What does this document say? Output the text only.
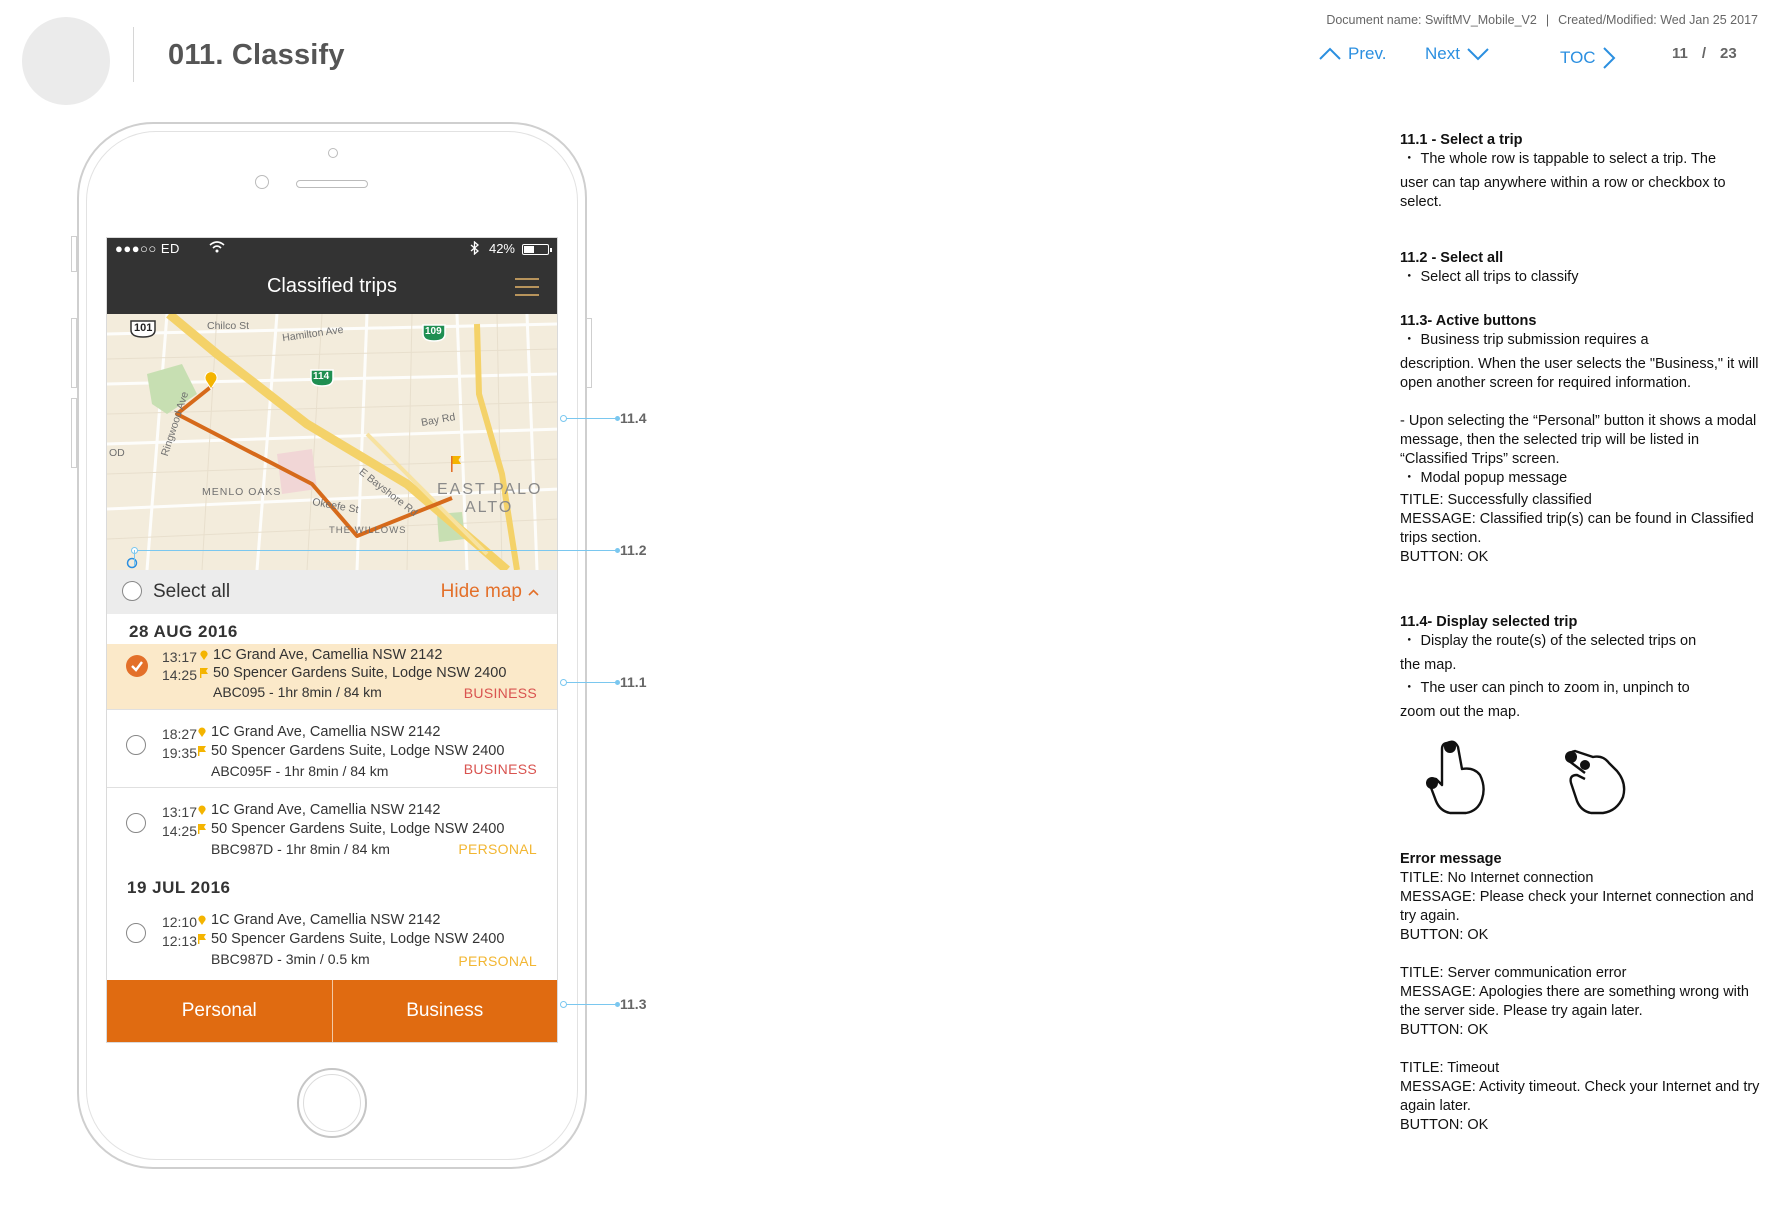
011. Classify
Document name: SwiftMV_Mobile_V2 | Created/Modified: Wed Jan 25 2017
Prev. Next	TOC	11 / 23
●●●○○ ED	42%
Classified trips
101
114
109
Chilco St	Hamilton Ave
Bay Rd
Ringwood Ave
MENLO OAKS	E Bayshore Rd EAST PALO
ALTO
Okeefe St
THE WILLOWS
OD
Select all	Hide map
28 AUG 2016
13:17
14:25
1C Grand Ave, Camellia NSW 2142
50 Spencer Gardens Suite, Lodge NSW 2400
ABC095 - 1hr 8min / 84 km	BUSINESS
18:27
19:35
1C Grand Ave, Camellia NSW 2142
50 Spencer Gardens Suite, Lodge NSW 2400
ABC095F - 1hr 8min / 84 km	BUSINESS
13:17
14:25
1C Grand Ave, Camellia NSW 2142
50 Spencer Gardens Suite, Lodge NSW 2400
BBC987D - 1hr 8min / 84 km	PERSONAL
19 JUL 2016
12:10
12:13
1C Grand Ave, Camellia NSW 2142
50 Spencer Gardens Suite, Lodge NSW 2400
BBC987D - 3min / 0.5 km	PERSONAL
Personal	Business
11.4
11.2
11.1
11.3
11.1 - Select a trip
・ The whole row is tappable to select a trip. The
user can tap anywhere within a row or checkbox to select.
11.2 - Select all
・ Select all trips to classify
11.3- Active buttons
・ Business trip submission requires a
description. When the user selects the "Business," it will open another screen for required information.
- Upon selecting the “Personal” button it shows a modal message, then the selected trip will be listed in “Classified Trips” screen.
・ Modal popup message
TITLE: Successfully classified
MESSAGE: Classified trip(s) can be found in Classified trips section.
BUTTON: OK
11.4- Display selected trip
・ Display the route(s) of the selected trips on
the map.
・ The user can pinch to zoom in, unpinch to
zoom out the map.
Error message
TITLE: No Internet connection
MESSAGE: Please check your Internet connection and try again.
BUTTON: OK
TITLE: Server communication error
MESSAGE: Apologies there are something wrong with the server side. Please try again later.
BUTTON: OK
TITLE: Timeout
MESSAGE: Activity timeout. Check your Internet and try again later.
BUTTON: OK
